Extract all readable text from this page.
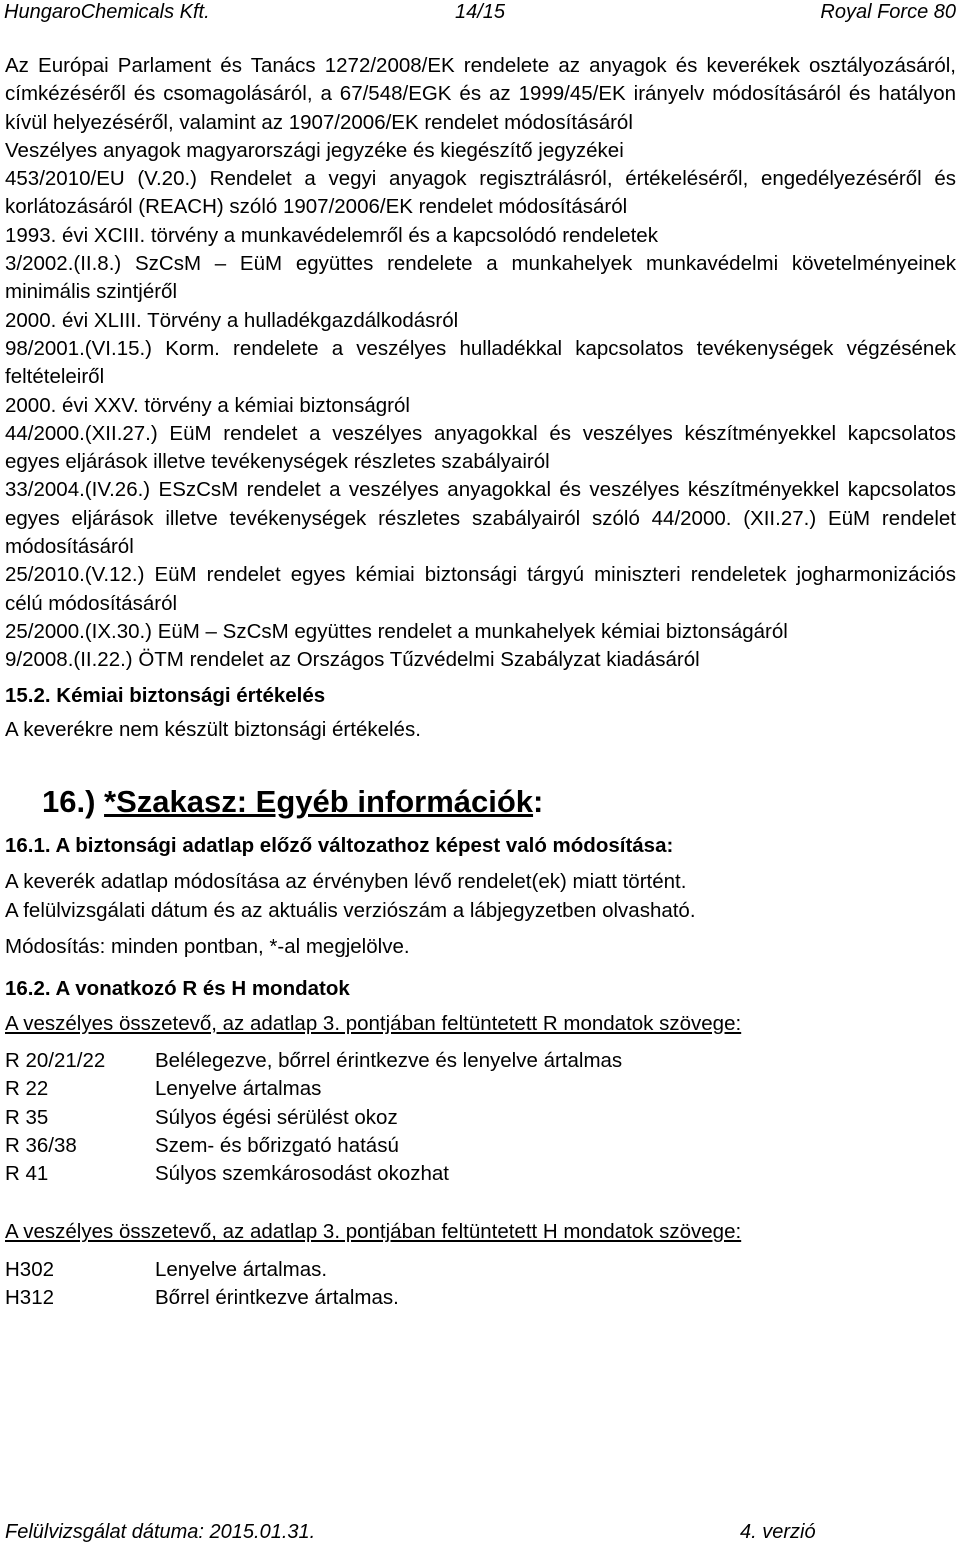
HungaroChemicals Kft.	14/15	Royal Force 80

Az Európai Parlament és Tanács 1272/2008/EK rendelete az anyagok és keverékek osztályozásáról, címkézéséről és csomagolásáról, a 67/548/EGK és az 1999/45/EK irányelv módosításáról és hatályon kívül helyezéséről, valamint az 1907/2006/EK rendelet módosításáról

Veszélyes anyagok magyarországi jegyzéke és kiegészítő jegyzékei

453/2010/EU (V.20.) Rendelet a vegyi anyagok regisztrálásról, értékeléséről, engedélyezéséről és korlátozásáról (REACH) szóló 1907/2006/EK rendelet módosításáról

1993. évi XCIII. törvény a munkavédelemről és a kapcsolódó rendeletek

3/2002.(II.8.) SzCsM – EüM együttes rendelete a munkahelyek munkavédelmi követelményeinek minimális szintjéről

2000. évi XLIII. Törvény a hulladékgazdálkodásról

98/2001.(VI.15.) Korm. rendelete a veszélyes hulladékkal kapcsolatos tevékenységek végzésének feltételeiről

2000. évi XXV. törvény a kémiai biztonságról

44/2000.(XII.27.) EüM rendelet a veszélyes anyagokkal és veszélyes készítményekkel kapcsolatos egyes eljárások illetve tevékenységek részletes szabályairól

33/2004.(IV.26.) ESzCsM rendelet a veszélyes anyagokkal és veszélyes készítményekkel kapcsolatos egyes eljárások illetve tevékenységek részletes szabályairól szóló 44/2000. (XII.27.) EüM rendelet módosításáról

25/2010.(V.12.) EüM rendelet egyes kémiai biztonsági tárgyú miniszteri rendeletek jogharmonizációs célú módosításáról

25/2000.(IX.30.) EüM – SzCsM együttes rendelet a munkahelyek kémiai biztonságáról

9/2008.(II.22.) ÖTM rendelet az Országos Tűzvédelmi Szabályzat kiadásáról

15.2. Kémiai biztonsági értékelés

A keverékre nem készült biztonsági értékelés.

16.) *Szakasz: Egyéb információk:

16.1. A biztonsági adatlap előző változathoz képest való módosítása:

A keverék adatlap módosítása az érvényben lévő rendelet(ek) miatt történt.

A felülvizsgálati dátum és az aktuális verziószám a lábjegyzetben olvasható.

Módosítás: minden pontban, *-al megjelölve.

16.2. A vonatkozó R és H mondatok

A veszélyes összetevő, az adatlap 3. pontjában feltüntetett R mondatok szövege:

R 20/21/22	Belélegezve, bőrrel érintkezve és lenyelve ártalmas
R 22	Lenyelve ártalmas
R 35	Súlyos égési sérülést okoz
R 36/38	Szem- és bőrizgató hatású
R 41	Súlyos szemkárosodást okozhat

A veszélyes összetevő, az adatlap 3. pontjában feltüntetett H mondatok szövege:

H302	Lenyelve ártalmas.
H312	Bőrrel érintkezve ártalmas.
Felülvizsgálat dátuma: 2015.01.31.	4. verzió
